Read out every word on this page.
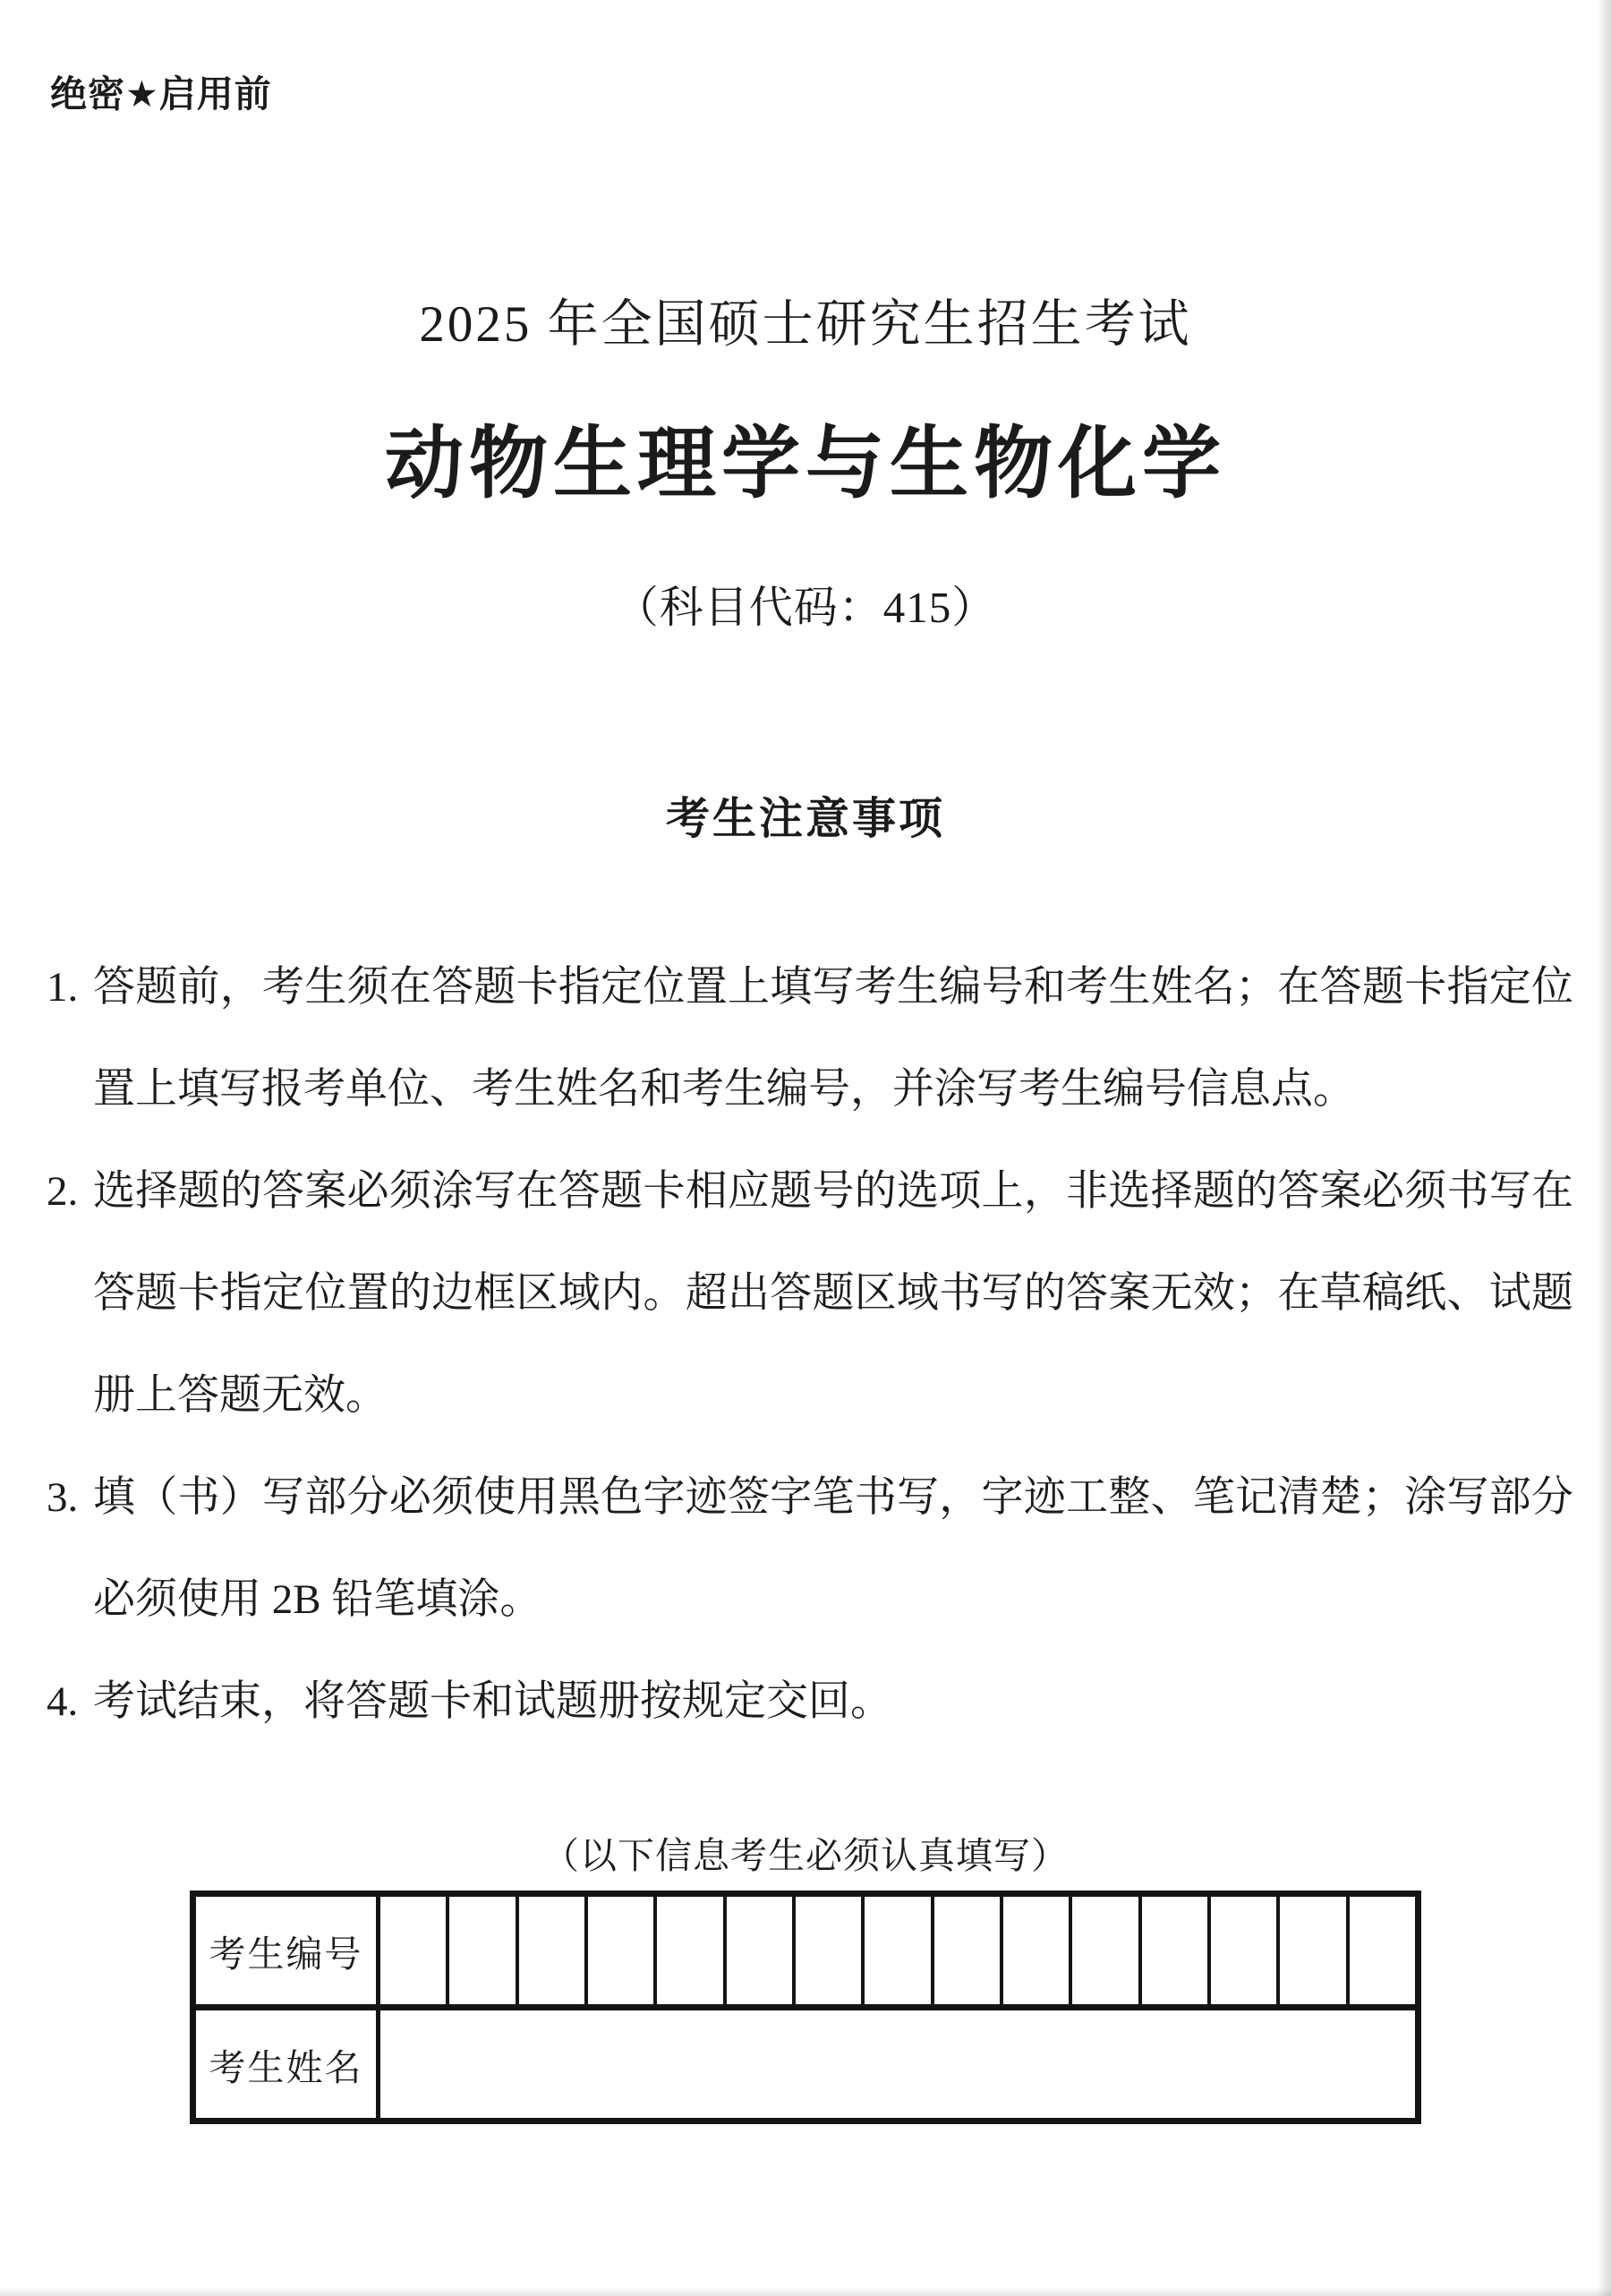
绝密★启用前
2025 年全国硕士研究生招生考试
动物生理学与生物化学
（科目代码：415）
考生注意事项
1. 答题前，考生须在答题卡指定位置上填写考生编号和考生姓名；在答题卡指定位置上填写报考单位、考生姓名和考生编号，并涂写考生编号信息点。
2. 选择题的答案必须涂写在答题卡相应题号的选项上，非选择题的答案必须书写在答题卡指定位置的边框区域内。超出答题区域书写的答案无效；在草稿纸、试题册上答题无效。
3. 填（书）写部分必须使用黑色字迹签字笔书写，字迹工整、笔记清楚；涂写部分必须使用 2B 铅笔填涂。
4. 考试结束，将答题卡和试题册按规定交回。
（以下信息考生必须认真填写）
考生编号
考生姓名
